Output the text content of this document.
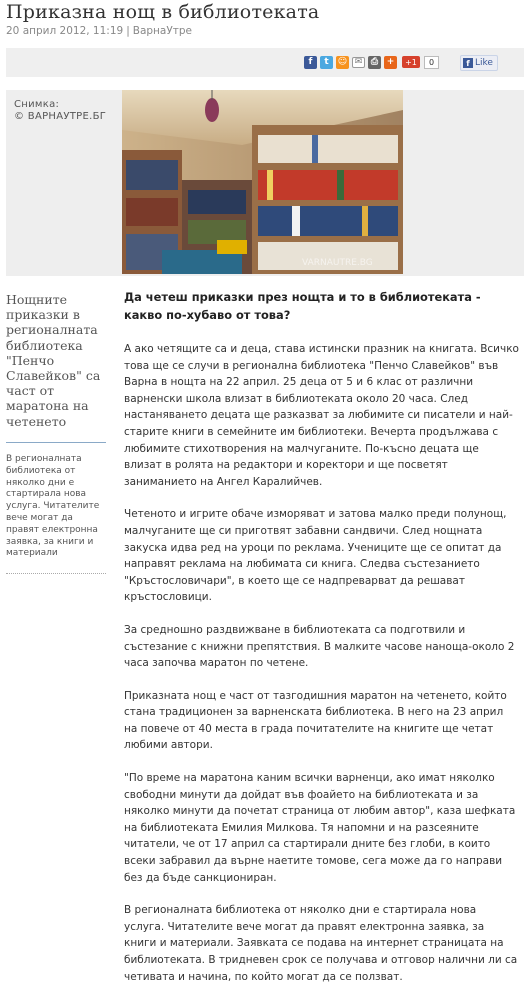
Приказна нощ в библиотеката
20 април 2012, 11:19 | ВарнаУтре
f	t	☺ ✉ ⎙ +	+1	0	f Like
Снимка:
© ВАРНАУТРЕ.БГ
VARNAUTRE.BG

Нощните приказки в регионалната библиотека "Пенчо Славейков" са част от маратона на четенето

В регионалната библиотека от няколко дни е стартирала нова услуга. Читателите вече могат да правят електронна заявка, за книги и материали

Да четеш приказки през нощта и то в библиотеката - какво по-хубаво от това?

А ако четящите са и деца, става истински празник на книгата. Всичко това ще се случи в регионална библиотека "Пенчо Славейков" във Варна в нощта на 22 април. 25 деца от 5 и 6 клас от различни варненски школа влизат в библиотеката около 20 часа. След настаняването децата ще разказват за любимите си писатели и най-старите книги в семейните им библиотеки. Вечерта продължава с любимите стихотворения на малчуганите. По-късно децата ще влизат в ролята на редактори и коректори и ще посветят заниманието на Ангел Каралийчев.

Четеното и игрите обаче изморяват и затова малко преди полунощ, малчуганите ще си приготвят забавни сандвичи. След нощната закуска идва ред на уроци по реклама. Учениците ще се опитат да направят реклама на любимата си книга. Следва състезанието "Кръстословичари", в което ще се надпреварват да решават кръстословици.

За средношно раздвижване в библиотеката са подготвили и състезание с книжни препятствия. В малките часове наноща-около 2 часа започва маратон по четене.

Приказната нощ е част от тазгодишния маратон на четенето, който стана традиционен за варненската библиотека. В него на 23 април на повече от 40 места в града почитателите на книгите ще четат любими автори.

"По време на маратона каним всички варненци, ако имат няколко свободни минути да дойдат във фоайето на библиотеката и за няколко минути да почетат страница от любим автор", каза шефката на библиотеката Емилия Милкова. Тя напомни и на разсеяните читатели, че от 17 април са стартирали дните без глоби, в които всеки забравил да върне наетите томове, сега може да го направи без да бъде санкциониран.

В регионалната библиотека от няколко дни е стартирала нова услуга. Читателите вече могат да правят електронна заявка, за книги и материали. Заявката се подава на интернет страницата на библиотеката. В тридневен срок се получава и отговор налични ли са четивата и начина, по който могат да се ползват.
